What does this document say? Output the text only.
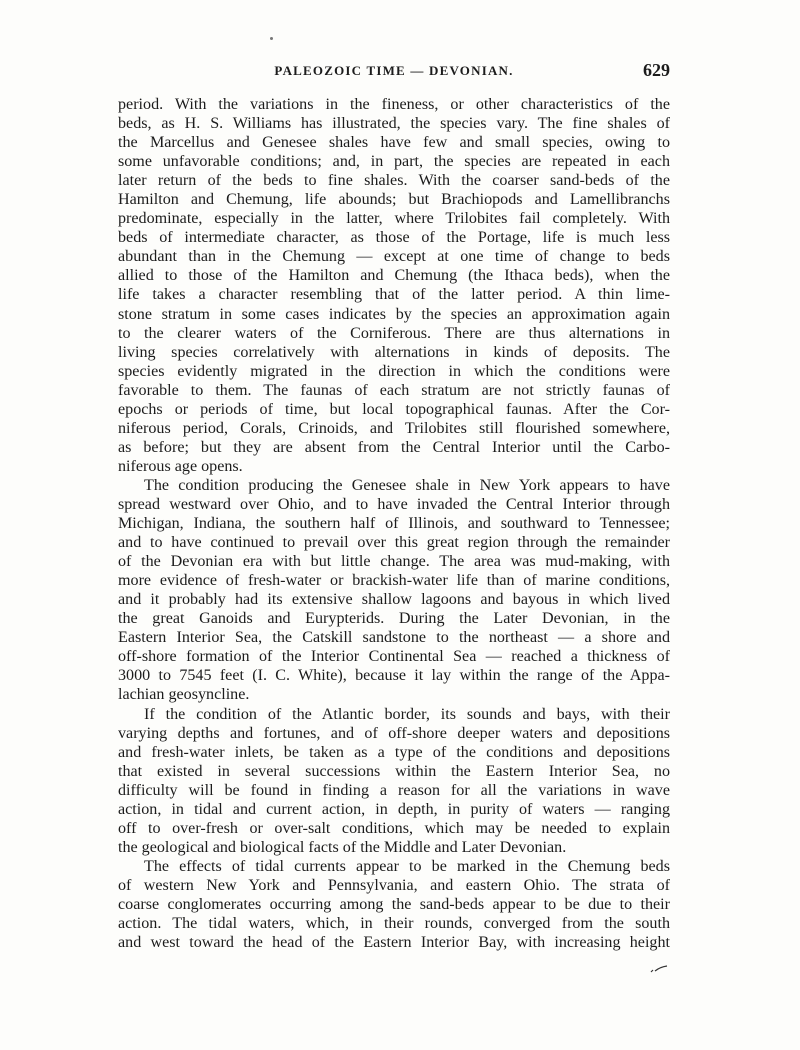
PALEOZOIC TIME — DEVONIAN.	629
period. With the variations in the fineness, or other characteristics of the
beds, as H. S. Williams has illustrated, the species vary. The fine shales of
the Marcellus and Genesee shales have few and small species, owing to
some unfavorable conditions; and, in part, the species are repeated in each
later return of the beds to fine shales. With the coarser sand-beds of the
Hamilton and Chemung, life abounds; but Brachiopods and Lamellibranchs
predominate, especially in the latter, where Trilobites fail completely. With
beds of intermediate character, as those of the Portage, life is much less
abundant than in the Chemung — except at one time of change to beds
allied to those of the Hamilton and Chemung (the Ithaca beds), when the
life takes a character resembling that of the latter period. A thin lime-
stone stratum in some cases indicates by the species an approximation again
to the clearer waters of the Corniferous. There are thus alternations in
living species correlatively with alternations in kinds of deposits. The
species evidently migrated in the direction in which the conditions were
favorable to them. The faunas of each stratum are not strictly faunas of
epochs or periods of time, but local topographical faunas. After the Cor-
niferous period, Corals, Crinoids, and Trilobites still flourished somewhere,
as before; but they are absent from the Central Interior until the Carbo-
niferous age opens.
The condition producing the Genesee shale in New York appears to have
spread westward over Ohio, and to have invaded the Central Interior through
Michigan, Indiana, the southern half of Illinois, and southward to Tennessee;
and to have continued to prevail over this great region through the remainder
of the Devonian era with but little change. The area was mud-making, with
more evidence of fresh-water or brackish-water life than of marine conditions,
and it probably had its extensive shallow lagoons and bayous in which lived
the great Ganoids and Eurypterids. During the Later Devonian, in the
Eastern Interior Sea, the Catskill sandstone to the northeast — a shore and
off-shore formation of the Interior Continental Sea — reached a thickness of
3000 to 7545 feet (I. C. White), because it lay within the range of the Appa-
lachian geosyncline.
If the condition of the Atlantic border, its sounds and bays, with their
varying depths and fortunes, and of off-shore deeper waters and depositions
and fresh-water inlets, be taken as a type of the conditions and depositions
that existed in several successions within the Eastern Interior Sea, no
difficulty will be found in finding a reason for all the variations in wave
action, in tidal and current action, in depth, in purity of waters — ranging
off to over-fresh or over-salt conditions, which may be needed to explain
the geological and biological facts of the Middle and Later Devonian.
The effects of tidal currents appear to be marked in the Chemung beds
of western New York and Pennsylvania, and eastern Ohio. The strata of
coarse conglomerates occurring among the sand-beds appear to be due to their
action. The tidal waters, which, in their rounds, converged from the south
and west toward the head of the Eastern Interior Bay, with increasing height
